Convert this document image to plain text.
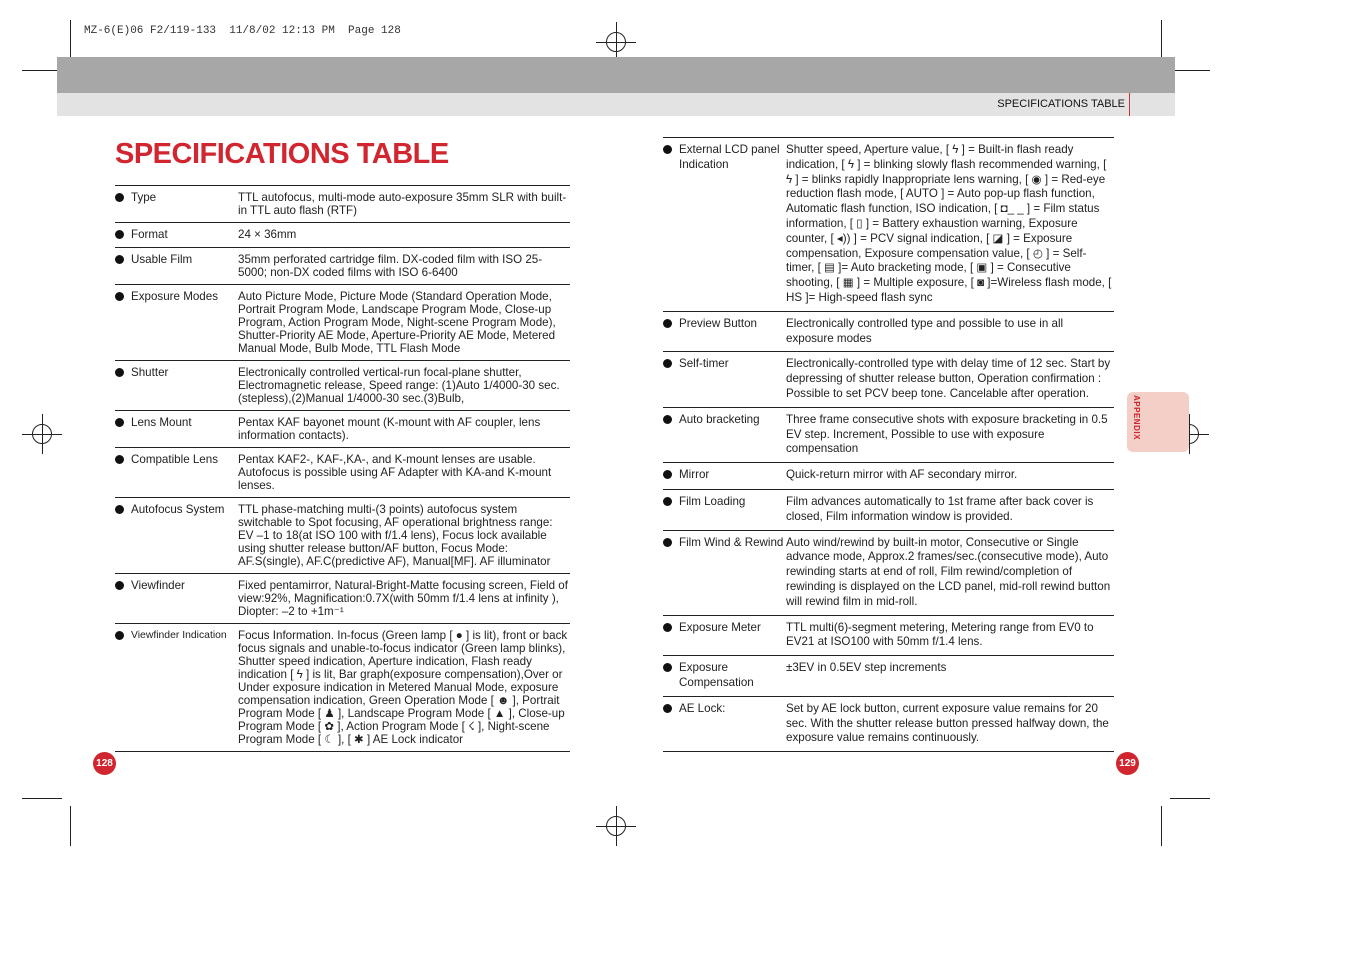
MZ-6(E)06 F2/119-133  11/8/02 12:13 PM  Page 128
SPECIFICATIONS TABLE
SPECIFICATIONS TABLE
	Type	TTL autofocus, multi-mode auto-exposure 35mm SLR with built-in TTL auto flash (RTF)
	Format	24 × 36mm
	Usable Film	35mm perforated cartridge film. DX-coded film with ISO 25-5000; non-DX coded films with ISO 6-6400
	Exposure Modes	Auto Picture Mode, Picture Mode (Standard Operation Mode, Portrait Program Mode, Landscape Program Mode, Close-up Program, Action Program Mode, Night-scene Program Mode), Shutter-Priority AE Mode, Aperture-Priority AE Mode, Metered Manual Mode, Bulb Mode, TTL Flash Mode
	Shutter	Electronically controlled vertical-run focal-plane shutter, Electromagnetic release, Speed range: (1)Auto 1/4000-30 sec.(stepless),(2)Manual 1/4000-30 sec.(3)Bulb,
	Lens Mount	Pentax KAF bayonet mount (K-mount with AF coupler, lens information contacts).
	Compatible Lens	Pentax KAF2-, KAF-,KA-, and K-mount lenses are usable. Autofocus is possible using AF Adapter with KA-and K-mount lenses.
	Autofocus System	TTL phase-matching multi-(3 points) autofocus system switchable to Spot focusing, AF operational brightness range: EV –1 to 18(at ISO 100 with f/1.4 lens), Focus lock available using shutter release button/AF button, Focus Mode: AF.S(single), AF.C(predictive AF), Manual[MF]. AF illuminator
	Viewfinder	Fixed pentamirror, Natural-Bright-Matte focusing screen, Field of view:92%, Magnification:0.7X(with 50mm f/1.4 lens at infinity ), Diopter: –2 to +1m⁻¹
	Viewfinder Indication	Focus Information. In-focus (Green lamp [ ● ] is lit), front or back focus signals and unable-to-focus indicator (Green lamp blinks), Shutter speed indication, Aperture indication, Flash ready indication [ ϟ ] is lit, Bar graph(exposure compensation),Over or Under exposure indication in Metered Manual Mode, exposure compensation indication, Green Operation Mode [ ☻ ], Portrait Program Mode [ ♟ ], Landscape Program Mode [ ▲ ], Close-up Program Mode [ ✿ ], Action Program Mode [ ☇ ], Night-scene Program Mode [ ☾ ], [ ✱ ] AE Lock indicator
	External LCD panel Indication	Shutter speed, Aperture value, [ ϟ ] = Built-in flash ready indication, [ ϟ ] = blinking slowly flash recommended warning, [ ϟ ] = blinks rapidly Inappropriate lens warning, [ ◉ ] = Red-eye reduction flash mode, [ AUTO ] = Auto pop-up flash function, Automatic flash function, ISO indication, [ ◘_ _ ] = Film status information, [ ▯ ] = Battery exhaustion warning, Exposure counter, [ ◂)) ] = PCV signal indication, [ ◪ ] = Exposure compensation, Exposure compensation value, [ ◴ ] = Self-timer, [ ▤ ]= Auto bracketing mode, [ ▣ ] = Consecutive shooting, [ ▦ ] = Multiple exposure, [ ◙ ]=Wireless flash mode, [ HS ]= High-speed flash sync
	Preview Button	Electronically controlled type and possible to use in all exposure modes
	Self-timer	Electronically-controlled type with delay time of 12 sec. Start by depressing of shutter release button, Operation confirmation : Possible to set PCV beep tone. Cancelable after operation.
	Auto bracketing	Three frame consecutive shots with exposure bracketing in 0.5 EV step. Increment, Possible to use with exposure compensation
	Mirror	Quick-return mirror with AF secondary mirror.
	Film Loading	Film advances automatically to 1st frame after back cover is closed, Film information window is provided.
	Film Wind & Rewind	Auto wind/rewind by built-in motor, Consecutive or Single advance mode, Approx.2 frames/sec.(consecutive mode), Auto rewinding starts at end of roll, Film rewind/completion of rewinding is displayed on the LCD panel, mid-roll rewind button will rewind film in mid-roll.
	Exposure Meter	TTL multi(6)-segment metering, Metering range from EV0 to EV21 at ISO100 with 50mm f/1.4 lens.
	Exposure Compensation	±3EV in 0.5EV step increments
	AE Lock:	Set by AE lock button, current exposure value remains for 20 sec. With the shutter release button pressed halfway down, the exposure value remains continuously.
APPENDIX
128	129
